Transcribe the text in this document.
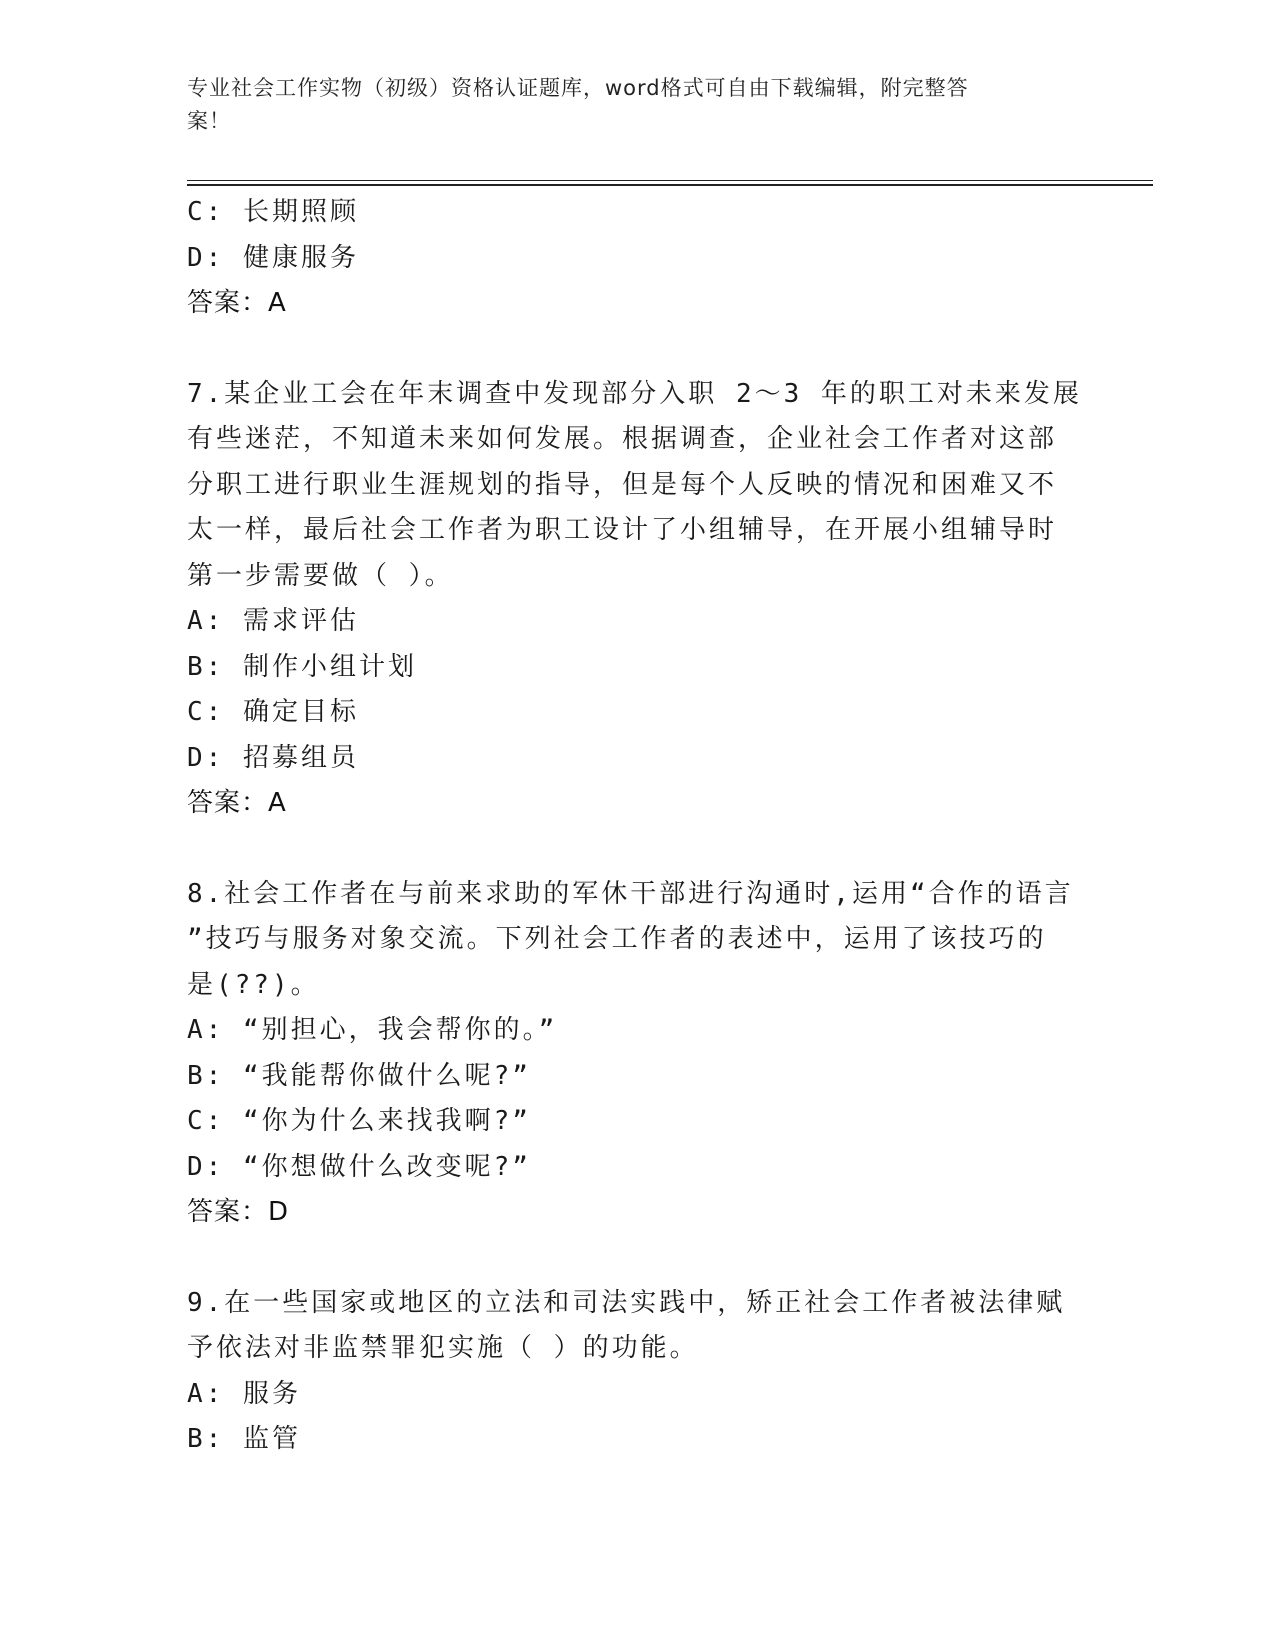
专业社会工作实物（初级）资格认证题库，word格式可自由下载编辑，附完整答
案！
C: 长期照顾
D: 健康服务
答案：A
7.某企业工会在年末调查中发现部分入职 2～3 年的职工对未来发展
有些迷茫，不知道未来如何发展。根据调查，企业社会工作者对这部
分职工进行职业生涯规划的指导，但是每个人反映的情况和困难又不
太一样，最后社会工作者为职工设计了小组辅导，在开展小组辅导时
第一步需要做（ ）。
A: 需求评估
B: 制作小组计划
C: 确定目标
D: 招募组员
答案：A
8.社会工作者在与前来求助的军休干部进行沟通时,运用“合作的语言
”技巧与服务对象交流。下列社会工作者的表述中，运用了该技巧的
是(??)。
A: “别担心，我会帮你的。”
B: “我能帮你做什么呢?”
C: “你为什么来找我啊?”
D: “你想做什么改变呢?”
答案：D
9.在一些国家或地区的立法和司法实践中，矫正社会工作者被法律赋
予依法对非监禁罪犯实施（ ）的功能。
A: 服务
B: 监管
